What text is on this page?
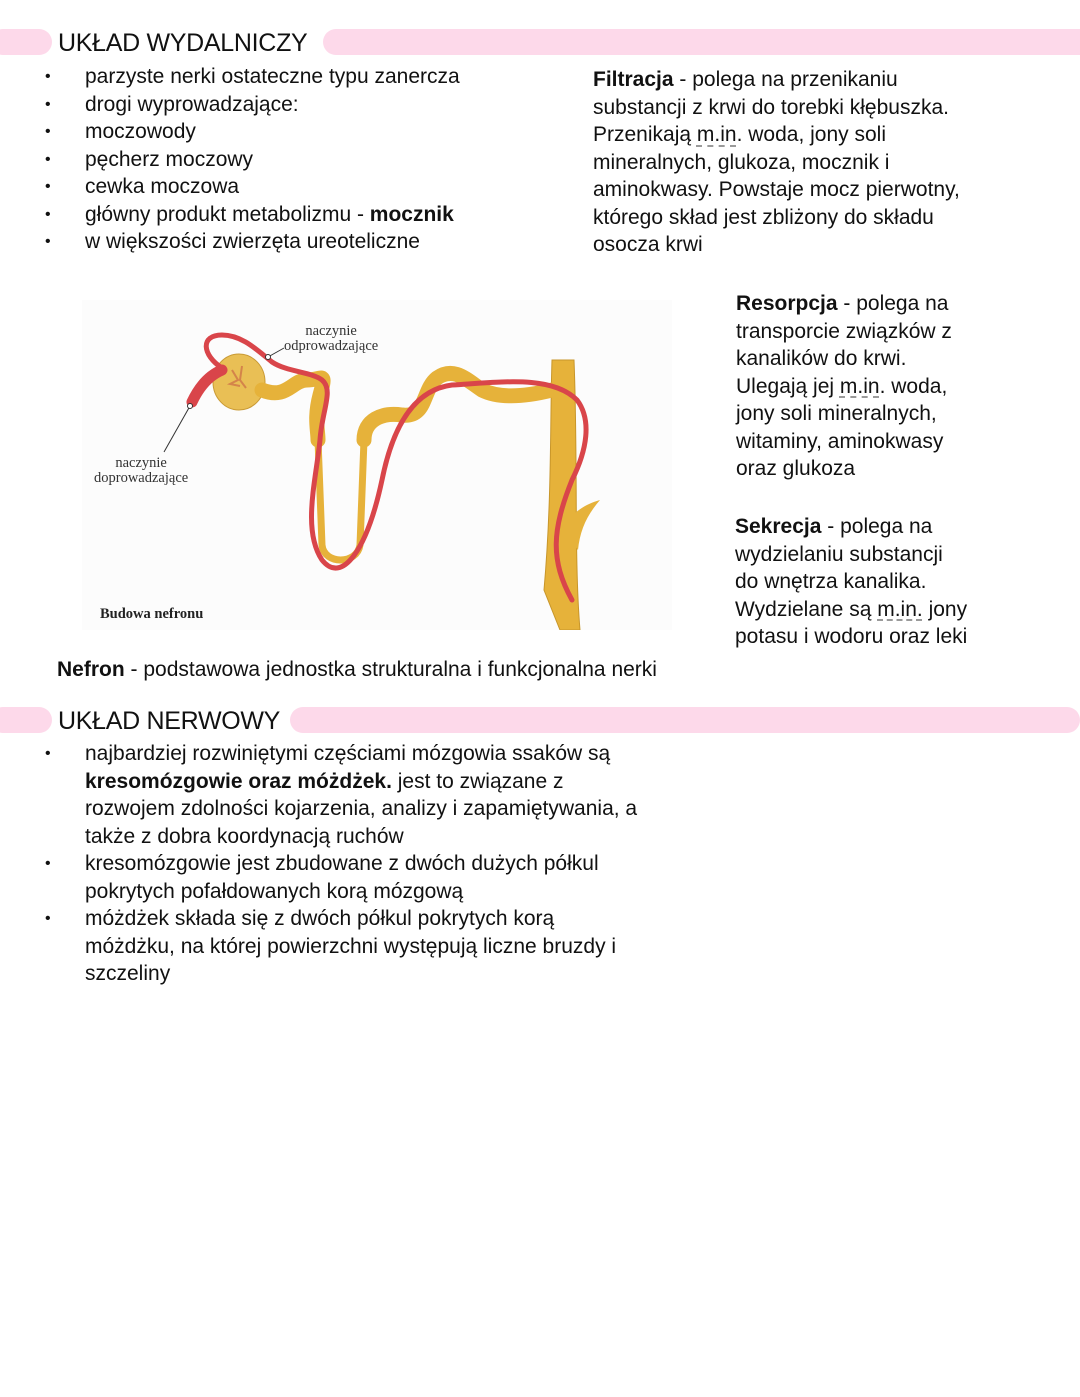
UKŁAD WYDALNICZY
• parzyste nerki ostateczne typu zanercza
• drogi wyprowadzające:
• moczowody
• pęcherz moczowy
• cewka moczowa
• główny produkt metabolizmu - mocznik
• w większości zwierzęta ureoteliczne
Filtracja - polega na przenikaniu
substancji z krwi do torebki kłębuszka.
Przenikają m.in. woda, jony soli
mineralnych, glukoza, mocznik i
aminokwasy. Powstaje mocz pierwotny,
którego skład jest zbliżony do składu
osocza krwi
naczynie
odprowadzające
naczynie
doprowadzające
Budowa nefronu
Resorpcja - polega na
transporcie związków z
kanalików do krwi.
Ulegają jej m.in. woda,
jony soli mineralnych,
witaminy, aminokwasy
oraz glukoza
Sekrecja - polega na
wydzielaniu substancji
do wnętrza kanalika.
Wydzielane są m.in. jony
potasu i wodoru oraz leki
Nefron - podstawowa jednostka strukturalna i funkcjonalna nerki
UKŁAD NERWOWY
• najbardziej rozwiniętymi częściami mózgowia ssaków są
kresomózgowie oraz móżdżek. jest to związane z
rozwojem zdolności kojarzenia, analizy i zapamiętywania, a
także z dobra koordynacją ruchów
• kresomózgowie jest zbudowane z dwóch dużych półkul
pokrytych pofałdowanych korą mózgową
• móżdżek składa się z dwóch półkul pokrytych korą
móżdżku, na której powierzchni występują liczne bruzdy i
szczeliny
